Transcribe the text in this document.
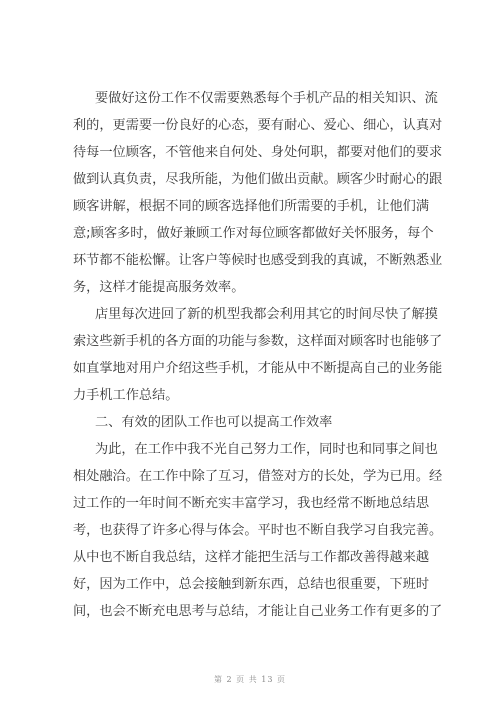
要做好这份工作不仅需要熟悉每个手机产品的相关知识、流
利的，更需要一份良好的心态，要有耐心、爱心、细心，认真对
待每一位顾客，不管他来自何处、身处何职，都要对他们的要求
做到认真负责，尽我所能，为他们做出贡献。顾客少时耐心的跟
顾客讲解，根据不同的顾客选择他们所需要的手机，让他们满
意;顾客多时，做好兼顾工作对每位顾客都做好关怀服务，每个
环节都不能松懈。让客户等候时也感受到我的真诚，不断熟悉业
务，这样才能提高服务效率。
店里每次进回了新的机型我都会利用其它的时间尽快了解摸
索这些新手机的各方面的功能与参数，这样面对顾客时也能够了
如直掌地对用户介绍这些手机，才能从中不断提高自己的业务能
力手机工作总结。
二、有效的团队工作也可以提高工作效率
为此，在工作中我不光自己努力工作，同时也和同事之间也
相处融洽。在工作中除了互习，借签对方的长处，学为已用。经
过工作的一年时间不断充实丰富学习，我也经常不断地总结思
考，也获得了许多心得与体会。平时也不断自我学习自我完善。
从中也不断自我总结，这样才能把生活与工作都改善得越来越
好，因为工作中，总会接触到新东西，总结也很重要，下班时
间，也会不断充电思考与总结，才能让自己业务工作有更多的了
第 2 页 共 13 页
